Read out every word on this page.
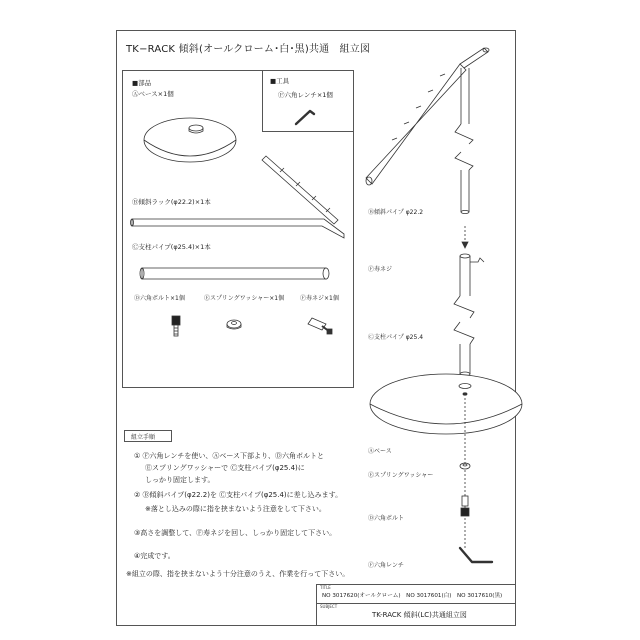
TK−RACK 傾斜(オールクローム･白･黒)共通　組立図
■部品
Ⓐベース×1個
■工具
Ⓕ六角レンチ×1個
Ⓑ傾斜ラック(φ22.2)×1本
Ⓒ支柱パイプ(φ25.4)×1本
Ⓓ六角ボルト×1個	Ⓔスプリングワッシャー×1個	Ⓕ寿ネジ×1個
Ⓑ傾斜パイプ φ22.2
Ⓕ寿ネジ
Ⓒ支柱パイプ φ25.4
Ⓐベース
Ⓔスプリングワッシャー
Ⓓ六角ボルト
Ⓕ六角レンチ
組立手順
① Ⓕ六角レンチを使い、Ⓐベース下部より、Ⓓ六角ボルトと
Ⓔスプリングワッシャーで Ⓒ支柱パイプ(φ25.4)に
しっかり固定します。
② Ⓑ傾斜パイプ(φ22.2)を Ⓒ支柱パイプ(φ25.4)に差し込みます。
※落とし込みの際に指を挟まないよう注意をして下さい。
③高さを調整して、Ⓕ寿ネジを回し、しっかり固定して下さい。
④完成です。
※組立の際、指を挟まないよう十分注意のうえ、作業を行って下さい。
TITLE
NO 3017620(オールクローム)　NO 3017601(白)　NO 3017610(黒)
SUBJECT
TK-RACK 傾斜(LC)共通組立図
